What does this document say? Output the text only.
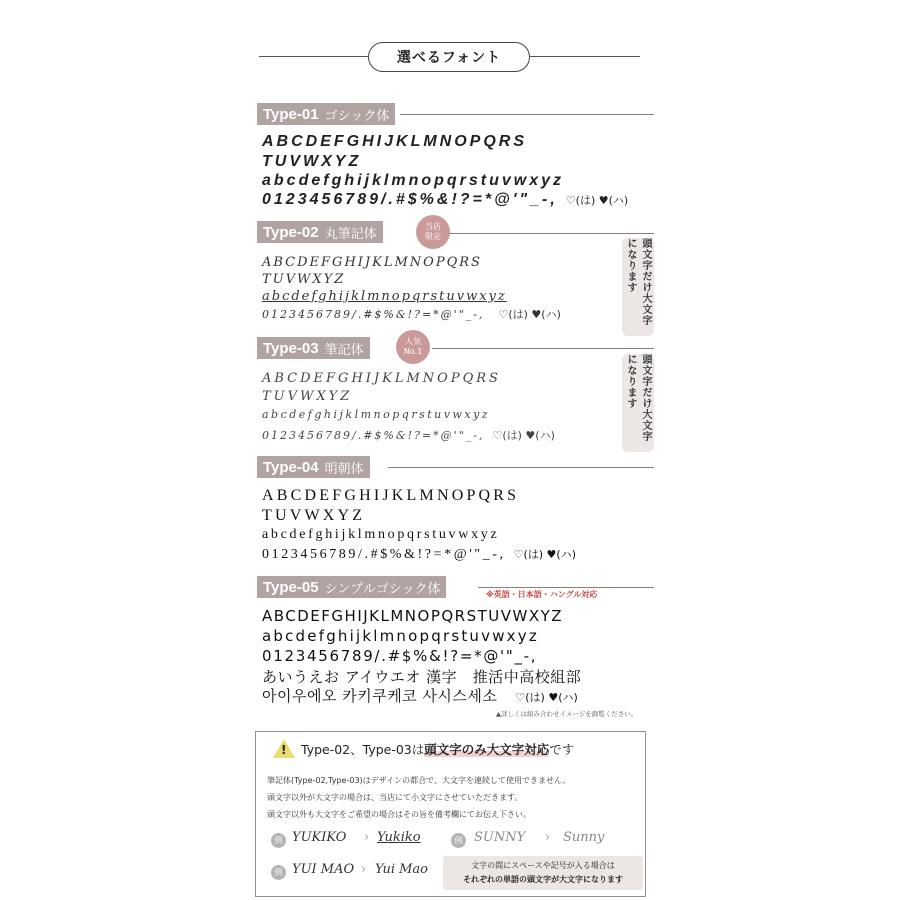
選べるフォント
Type-01 ゴシック体
ABCDEFGHIJKLMNOPQRS
TUVWXYZ
abcdefghijklmnopqrstuvwxyz
0123456789/.#$%&!?=*@'"_-, ♡(は) ♥(ハ)
Type-02 丸筆記体	当店
限定
頭文字だけ大文字になります
ABCDEFGHIJKLMNOPQRS
TUVWXYZ
abcdefghijklmnopqrstuvwxyz
0123456789/.#$%&!?=*@'"_-, ♡(は) ♥(ハ)
Type-03 筆記体
人気
No.1
頭文字だけ大文字になります
ABCDEFGHIJKLMNOPQRS
TUVWXYZ
abcdefghijklmnopqrstuvwxyz
0123456789/.#$%&!?=*@'"_-, ♡(は) ♥(ハ)
Type-04 明朝体
ABCDEFGHIJKLMNOPQRS
TUVWXYZ
abcdefghijklmnopqrstuvwxyz
0123456789/.#$%&!?=*@'"_-, ♡(は) ♥(ハ)
Type-05 シンプルゴシック体	※英語・日本語・ハングル対応
ABCDEFGHIJKLMNOPQRSTUVWXYZ
abcdefghijklmnopqrstuvwxyz
0123456789/.#$%&!?=*@'"_-,
あいうえお アイウエオ 漢字　推活中高校組部
아이우에오 카키쿠케코 사시스세소 ♡(は) ♥(ハ)
▲詳しくは組み合わせイメージを御覧ください。
! Type-02、Type-03は頭文字のみ大文字対応です
筆記体(Type-02,Type-03)はデザインの都合で、大文字を連続して使用できません。
頭文字以外が大文字の場合は、当店にて小文字にさせていただきます。
頭文字以外も大文字をご希望の場合はその旨を備考欄にてお伝え下さい。
例 YUKIKO › Yukiko	例 SUNNY › Sunny
例 YUI MAO › Yui Mao	文字の間にスペースや記号が入る場合は
それぞれの単語の頭文字が大文字になります
